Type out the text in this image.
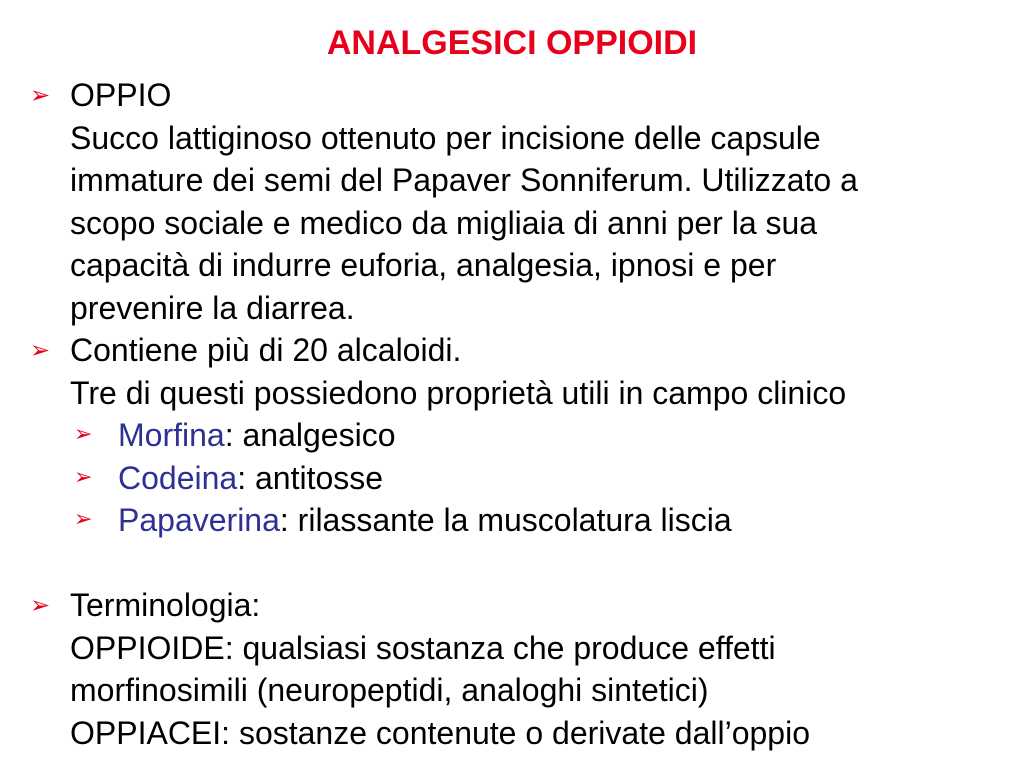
ANALGESICI OPPIOIDI
➢ OPPIO
Succo lattiginoso ottenuto per incisione delle capsule
immature dei semi del Papaver Sonniferum. Utilizzato a
scopo sociale e medico da migliaia di anni per la sua
capacità di indurre euforia, analgesia, ipnosi e per
prevenire la diarrea.
➢ Contiene più di 20 alcaloidi.
Tre di questi possiedono proprietà utili in campo clinico
➢ Morfina: analgesico
➢ Codeina: antitosse
➢ Papaverina: rilassante la muscolatura liscia
➢ Terminologia:
OPPIOIDE: qualsiasi sostanza che produce effetti
morfinosimili (neuropeptidi, analoghi sintetici)
OPPIACEI: sostanze contenute o derivate dall’oppio
